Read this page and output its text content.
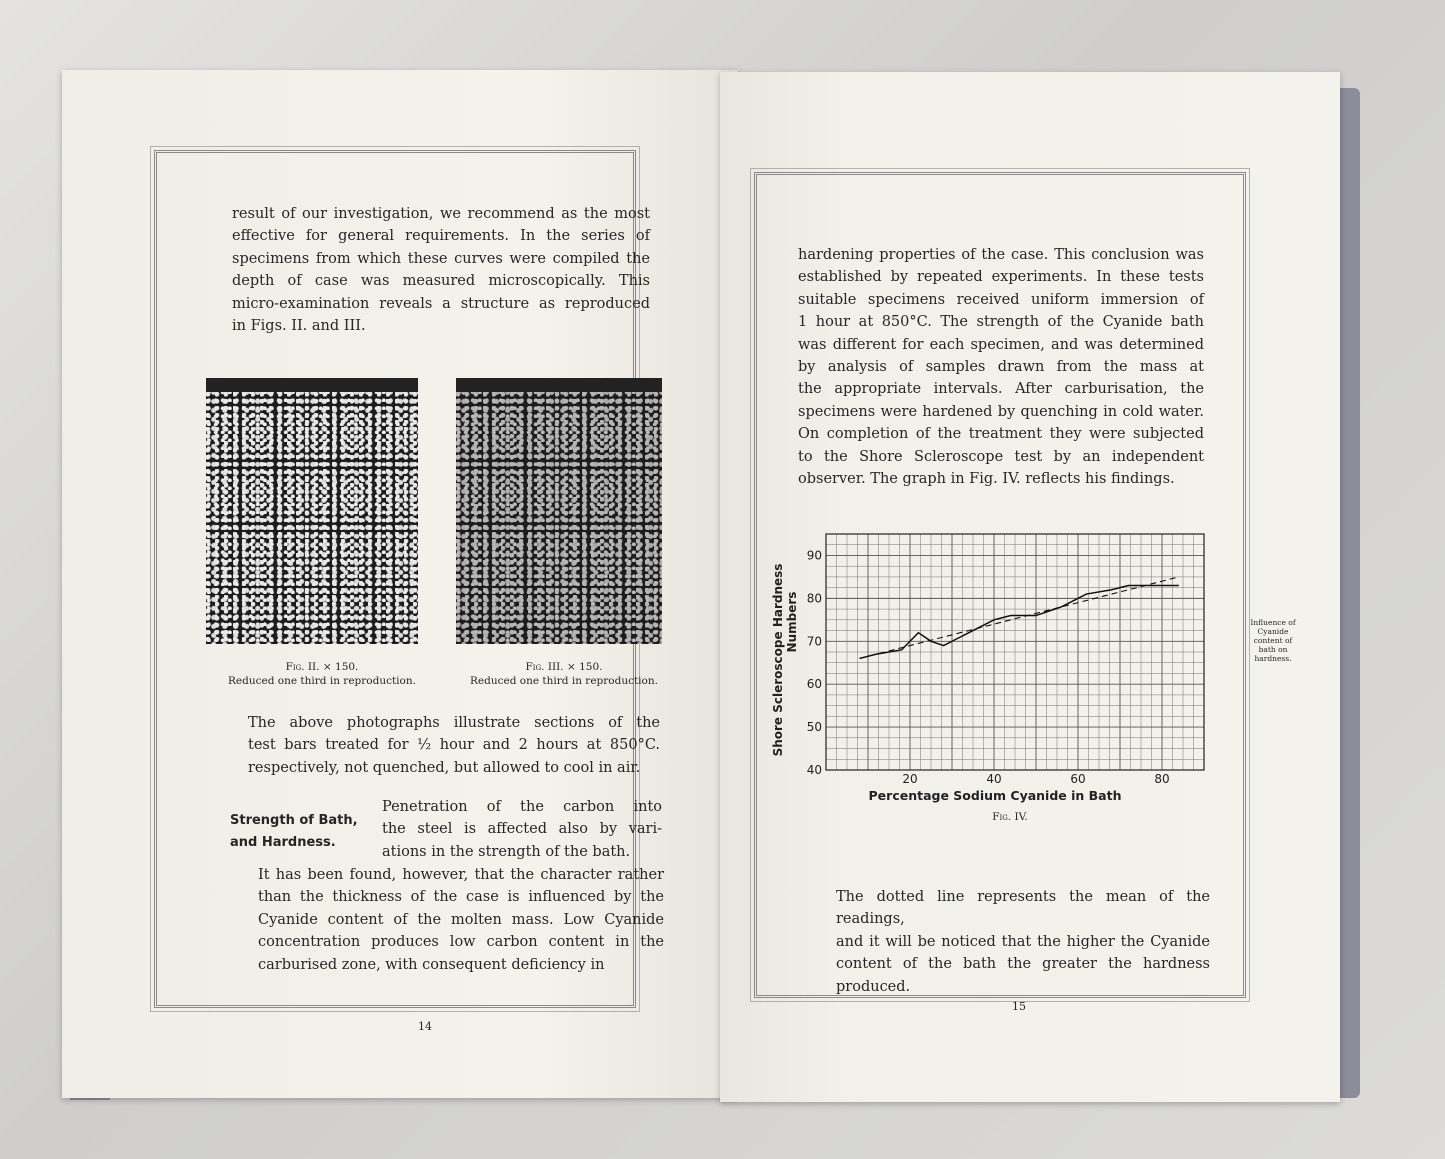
result of our investigation, we recommend as the most

effective for general requirements. In the series of

specimens from which these curves were compiled the

depth of case was measured microscopically. This

micro-examination reveals a structure as reproduced

in Figs. II. and III.

Fig. II. × 150.
Reduced one third in reproduction.
Fig. III. × 150.
Reduced one third in reproduction.

The above photographs illustrate sections of the

test bars treated for ½ hour and 2 hours at 850°C.

respectively, not quenched, but allowed to cool in air.

Strength of Bath,
and Hardness.

Penetration of the carbon into

the steel is affected also by vari-

ations in the strength of the bath.

It has been found, however, that the character rather

than the thickness of the case is influenced by the

Cyanide content of the molten mass. Low Cyanide

concentration produces low carbon content in the

carburised zone, with consequent deficiency in

14

hardening properties of the case. This conclusion was

established by repeated experiments. In these tests

suitable specimens received uniform immersion of

1 hour at 850°C. The strength of the Cyanide bath

was different for each specimen, and was determined

by analysis of samples drawn from the mass at

the appropriate intervals. After carburisation, the

specimens were hardened by quenching in cold water.

On completion of the treatment they were subjected

to the Shore Scleroscope test by an independent

observer. The graph in Fig. IV. reflects his findings.

20	40	60	80
40
50
60
70
80
90
Percentage Sodium Cyanide in Bath
Shore Scleroscope Hardness Numbers
Fig. IV.
Influence of Cyanide content of bath on hardness.

The dotted line represents the mean of the readings,

and it will be noticed that the higher the Cyanide

content of the bath the greater the hardness produced.

15
